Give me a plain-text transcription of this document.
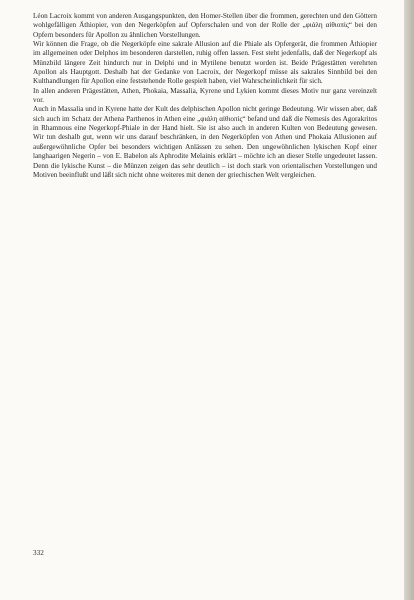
Léon Lacroix kommt von anderen Ausgangspunkten, den Homer-Stellen über die frommen, gerechten und den Göttern wohlgefälligen Äthiopier, von den Negerköpfen auf Opferschalen und von der Rolle der „φιάλη αἰθιοπίς“ bei den Opfern besonders für Apollon zu ähnlichen Vorstellungen.

Wir können die Frage, ob die Negerköpfe eine sakrale Allusion auf die Phiale als Opfergerät, die frommen Äthiopier im allgemeinen oder Delphos im besonderen darstellen, ruhig offen lassen. Fest steht jedenfalls, daß der Negerkopf als Münzbild längere Zeit hindurch nur in Delphi und in Mytilene benutzt worden ist. Beide Prägestätten verehrten Apollon als Hauptgott. Deshalb hat der Gedanke von Lacroix, der Negerkopf müsse als sakrales Sinnbild bei den Kulthandlungen für Apollon eine feststehende Rolle gespielt haben, viel Wahrscheinlichkeit für sich.

In allen anderen Prägestätten, Athen, Phokaia, Massalia, Kyrene und Lykien kommt dieses Motiv nur ganz vereinzelt vor.

Auch in Massalia und in Kyrene hatte der Kult des delphischen Apollon nicht geringe Bedeutung. Wir wissen aber, daß sich auch im Schatz der Athena Parthenos in Athen eine „φιάλη αἰθιοπίς“ befand und daß die Nemesis des Agorakritos in Rhamnous eine Negerkopf-Phiale in der Hand hielt. Sie ist also auch in anderen Kulten von Bedeutung gewesen. Wir tun deshalb gut, wenn wir uns darauf beschränken, in den Negerköpfen von Athen und Phokaia Allusionen auf außergewöhnliche Opfer bei besonders wichtigen Anlässen zu sehen. Den ungewöhnlichen lykischen Kopf einer langhaarigen Negerin – von E. Babelon als Aphrodite Melainis erklärt – möchte ich an dieser Stelle ungedeutet lassen. Denn die lykische Kunst – die Münzen zeigen das sehr deutlich – ist doch stark von orientalischen Vorstellungen und Motiven beeinflußt und läßt sich nicht ohne weiteres mit denen der griechischen Welt vergleichen.

332
